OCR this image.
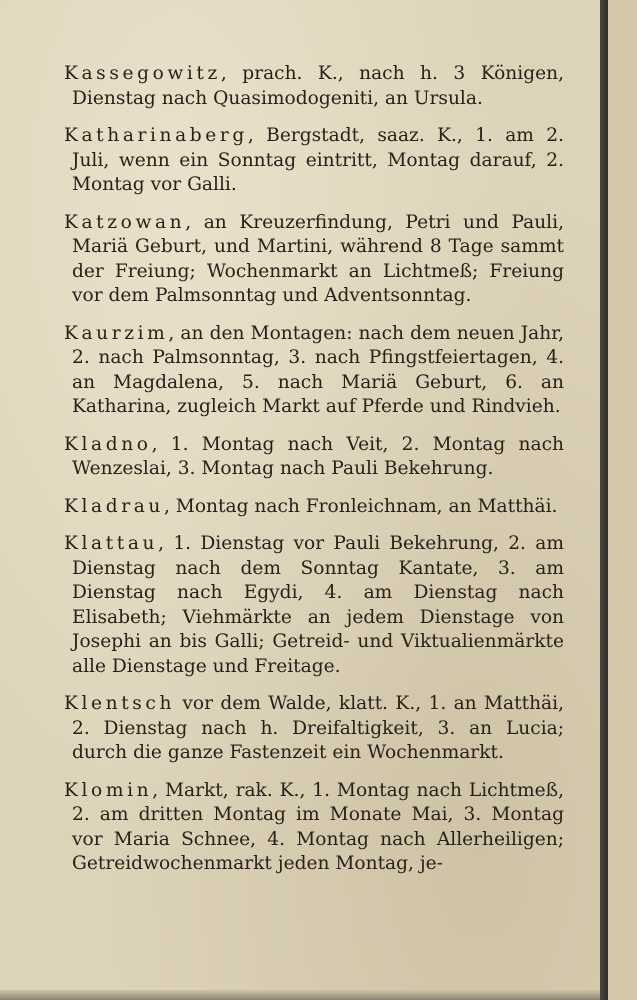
Kassegowitz, prach. K., nach h. 3 Königen, Dienstag nach Quasimodogeniti, an Ursula.

Katharinaberg, Bergstadt, saaz. K., 1. am 2. Juli, wenn ein Sonntag eintritt, Montag darauf, 2. Montag vor Galli.

Katzowan, an Kreuzerfindung, Petri und Pauli, Mariä Geburt, und Martini, während 8 Tage sammt der Freiung; Wochenmarkt an Lichtmeß; Freiung vor dem Palmsonntag und Adventsonntag.

Kaurzim, an den Montagen: nach dem neuen Jahr, 2. nach Palmsonntag, 3. nach Pfingstfeiertagen, 4. an Magdalena, 5. nach Mariä Geburt, 6. an Katharina, zugleich Markt auf Pferde und Rindvieh.

Kladno, 1. Montag nach Veit, 2. Montag nach Wenzeslai, 3. Montag nach Pauli Bekehrung.

Kladrau, Montag nach Fronleichnam, an Matthäi.

Klattau, 1. Dienstag vor Pauli Bekehrung, 2. am Dienstag nach dem Sonntag Kantate, 3. am Dienstag nach Egydi, 4. am Dienstag nach Elisabeth; Viehmärkte an jedem Dienstage von Josephi an bis Galli; Getreid- und Viktualienmärkte alle Dienstage und Freitage.

Klentsch vor dem Walde, klatt. K., 1. an Matthäi, 2. Dienstag nach h. Dreifaltigkeit, 3. an Lucia; durch die ganze Fastenzeit ein Wochenmarkt.

Klomin, Markt, rak. K., 1. Montag nach Lichtmeß, 2. am dritten Montag im Monate Mai, 3. Montag vor Maria Schnee, 4. Montag nach Allerheiligen; Getreidwochenmarkt jeden Montag, je-
